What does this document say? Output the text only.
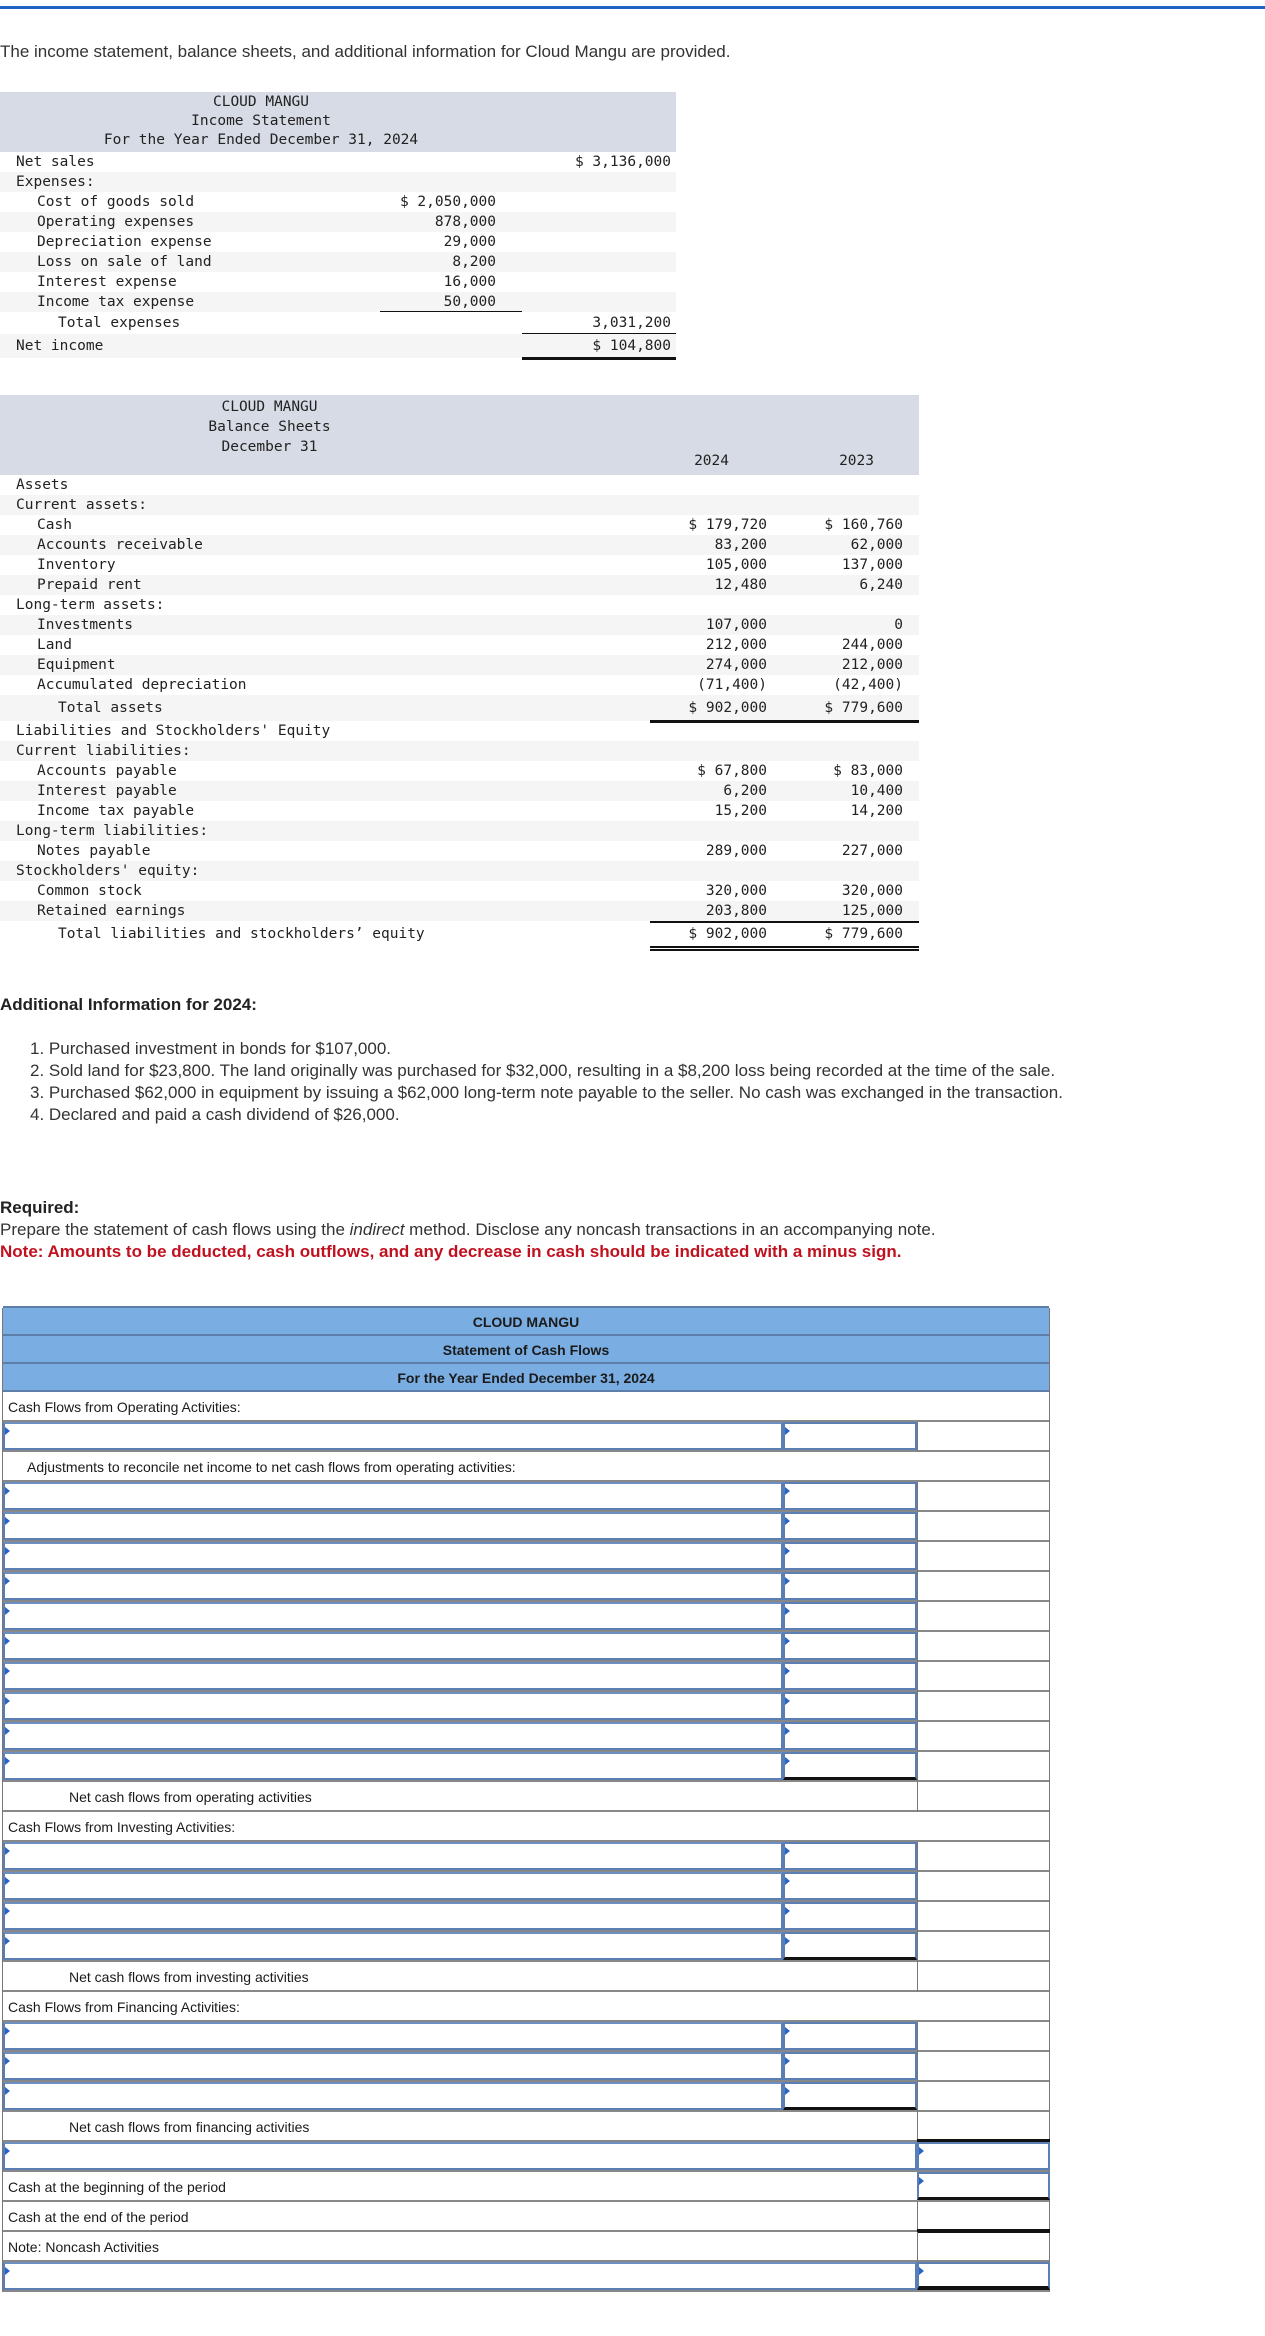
The income statement, balance sheets, and additional information for Cloud Mangu are provided.
CLOUD MANGU
Income Statement
For the Year Ended December 31, 2024
Net sales	$ 3,136,000
Expenses:
Cost of goods sold	$ 2,050,000
Operating expenses	878,000
Depreciation expense	29,000
Loss on sale of land	8,200
Interest expense	16,000
Income tax expense	50,000
Total expenses	3,031,200
Net income	$ 104,800
CLOUD MANGU
Balance Sheets
December 31
2024	2023
Assets
Current assets:
Cash	$ 179,720	$ 160,760
Accounts receivable	83,200	62,000
Inventory	105,000	137,000
Prepaid rent	12,480	6,240
Long-term assets:
Investments	107,000	0
Land	212,000	244,000
Equipment	274,000	212,000
Accumulated depreciation	(71,400)	(42,400)
Total assets	$ 902,000	$ 779,600
Liabilities and Stockholders' Equity
Current liabilities:
Accounts payable	$ 67,800	$ 83,000
Interest payable	6,200	10,400
Income tax payable	15,200	14,200
Long-term liabilities:
Notes payable	289,000	227,000
Stockholders' equity:
Common stock	320,000	320,000
Retained earnings	203,800	125,000
Total liabilities and stockholders’ equity	$ 902,000	$ 779,600
Additional Information for 2024:
1. Purchased investment in bonds for $107,000.
2. Sold land for $23,800. The land originally was purchased for $32,000, resulting in a $8,200 loss being recorded at the time of the sale.
3. Purchased $62,000 in equipment by issuing a $62,000 long-term note payable to the seller. No cash was exchanged in the transaction.
4. Declared and paid a cash dividend of $26,000.
Required:
Prepare the statement of cash flows using the indirect method. Disclose any noncash transactions in an accompanying note.
Note: Amounts to be deducted, cash outflows, and any decrease in cash should be indicated with a minus sign.
CLOUD MANGU
Statement of Cash Flows
For the Year Ended December 31, 2024
Cash Flows from Operating Activities:
Adjustments to reconcile net income to net cash flows from operating activities:
Net cash flows from operating activities
Cash Flows from Investing Activities:
Net cash flows from investing activities
Cash Flows from Financing Activities:
Net cash flows from financing activities
Cash at the beginning of the period
Cash at the end of the period
Note: Noncash Activities
